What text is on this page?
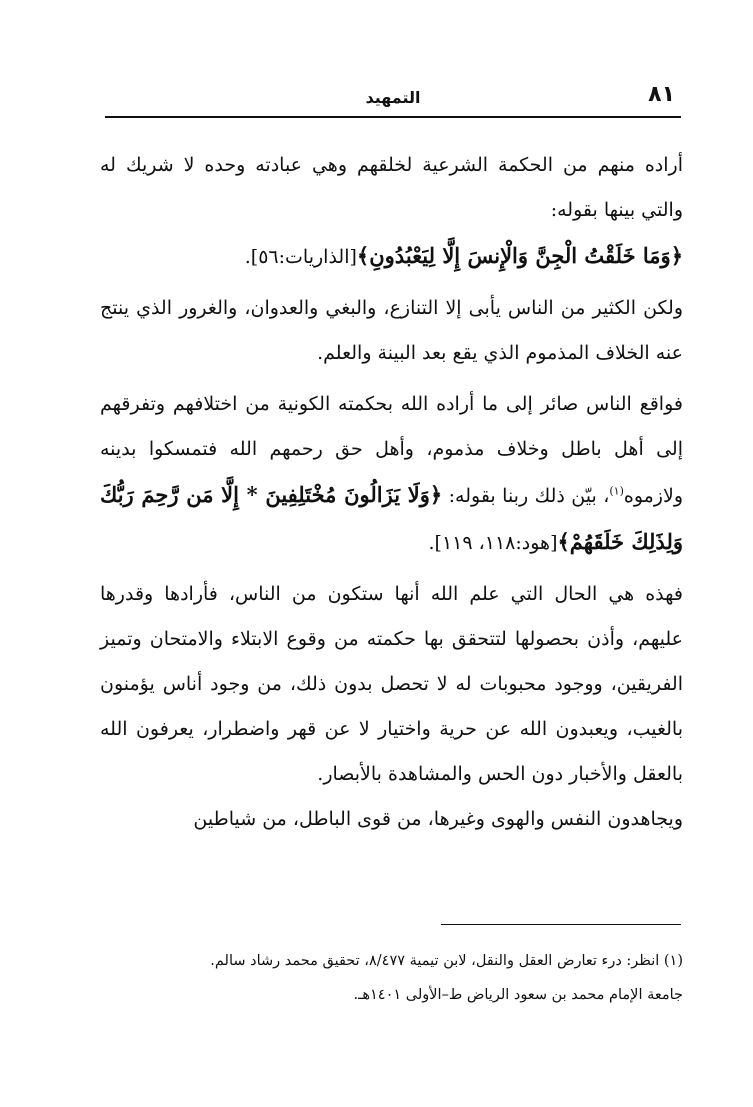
٨١
التمهيد

أراده منهم من الحكمة الشرعية لخلقهم وهي عبادته وحده لا شريك له والتي بينها بقوله:

﴿وَمَا خَلَقْتُ الْجِنَّ وَالْإِنسَ إِلَّا لِيَعْبُدُونِ﴾[الذاريات:٥٦].

ولكن الكثير من الناس يأبى إلا التنازع، والبغي والعدوان، والغرور الذي ينتج عنه الخلاف المذموم الذي يقع بعد البينة والعلم.

فواقع الناس صائر إلى ما أراده الله بحكمته الكونية من اختلافهم وتفرقهم إلى أهل باطل وخلاف مذموم، وأهل حق رحمهم الله فتمسكوا بدينه ولازموه$^{(١)}$، بيّن ذلك ربنا بقوله: ﴿وَلَا يَزَالُونَ مُخْتَلِفِينَ * إِلَّا مَن رَّحِمَ رَبُّكَ وَلِذَلِكَ خَلَقَهُمْ﴾[هود:١١٨، ١١٩].

فهذه هي الحال التي علم الله أنها ستكون من الناس، فأرادها وقدرها عليهم، وأذن بحصولها لتتحقق بها حكمته من وقوع الابتلاء والامتحان وتميز الفريقين، ووجود محبوبات له لا تحصل بدون ذلك، من وجود أناس يؤمنون بالغيب، ويعبدون الله عن حرية واختيار لا عن قهر واضطرار، يعرفون الله بالعقل والأخبار دون الحس والمشاهدة بالأبصار.

ويجاهدون النفس والهوى وغيرها، من قوى الباطل، من شياطين

(١) انظر: درء تعارض العقل والنقل، لابن تيمية ٨/٤٧٧، تحقيق محمد رشاد سالم.

جامعة الإمام محمد بن سعود الرياض ط–الأولى ١٤٠١هـ.
